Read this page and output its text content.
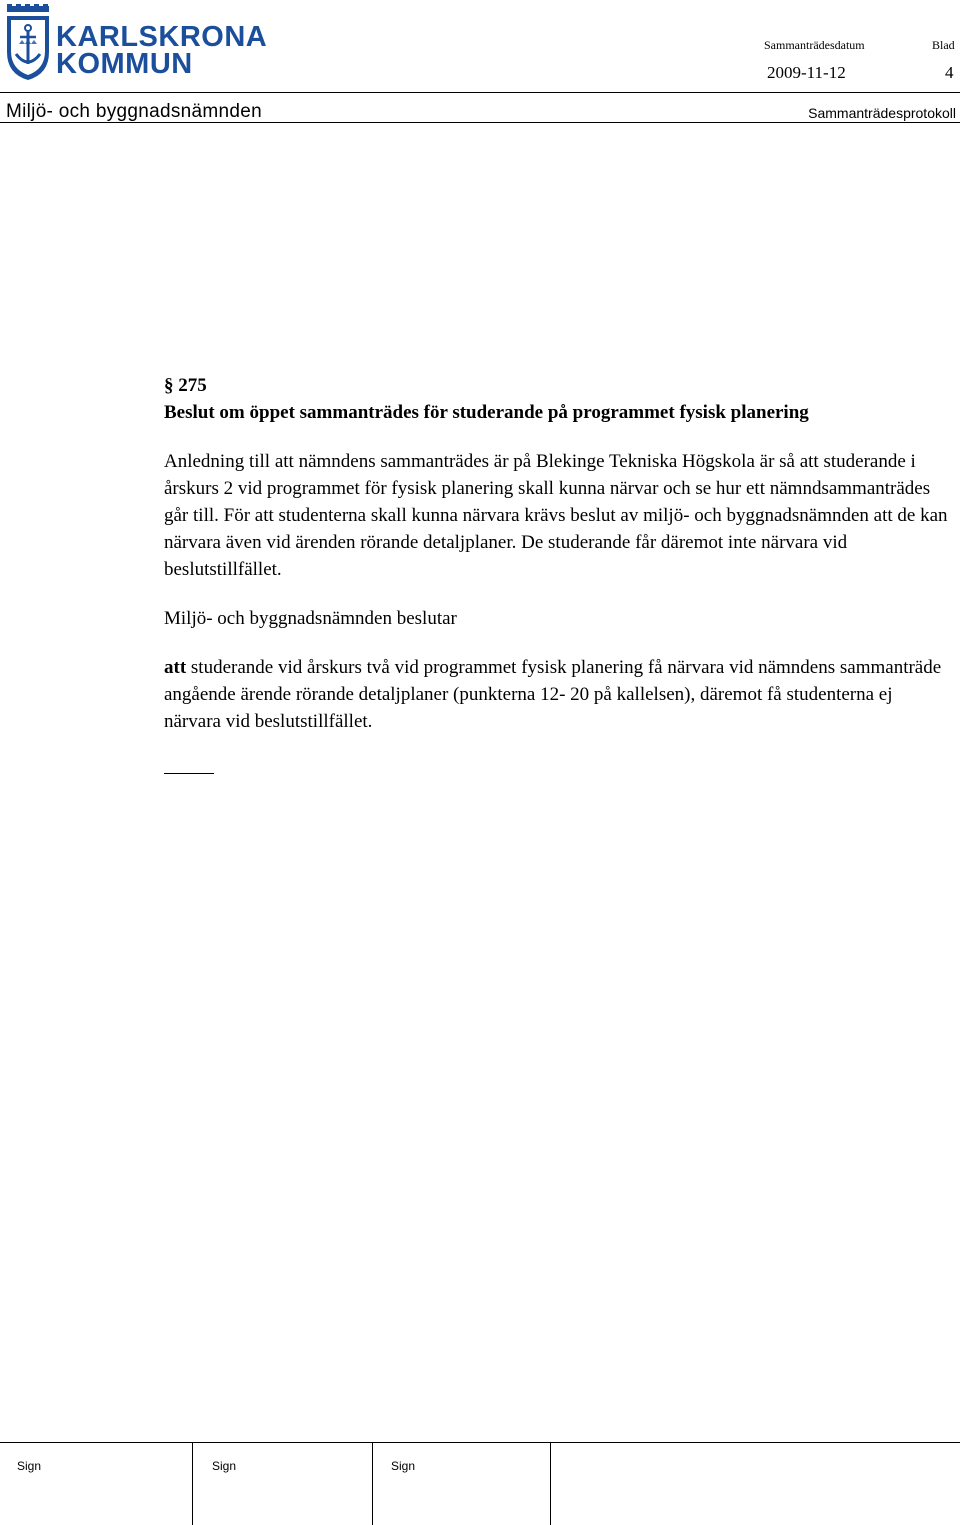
KARLSKRONA
KOMMUN
Sammanträdesdatum	Blad
2009-11-12	4
Miljö- och byggnadsnämnden	Sammanträdesprotokoll
§ 275
Beslut om öppet sammanträdes för studerande på programmet fysisk planering
Anledning till att nämndens sammanträdes är på Blekinge Tekniska Högskola är så att studerande i årskurs 2 vid programmet för fysisk planering skall kunna närvar och se hur ett nämndsammanträdes går till. För att studenterna skall kunna närvara krävs beslut av miljö- och byggnadsnämnden att de kan närvara även vid ärenden rörande detaljplaner. De studerande får däremot inte närvara vid beslutstillfället.
Miljö- och byggnadsnämnden beslutar
att studerande vid årskurs två vid programmet fysisk planering få närvara vid nämndens sammanträde angående ärende rörande detaljplaner (punkterna 12- 20 på kallelsen), däremot få studenterna ej närvara vid beslutstillfället.
Sign	Sign	Sign
